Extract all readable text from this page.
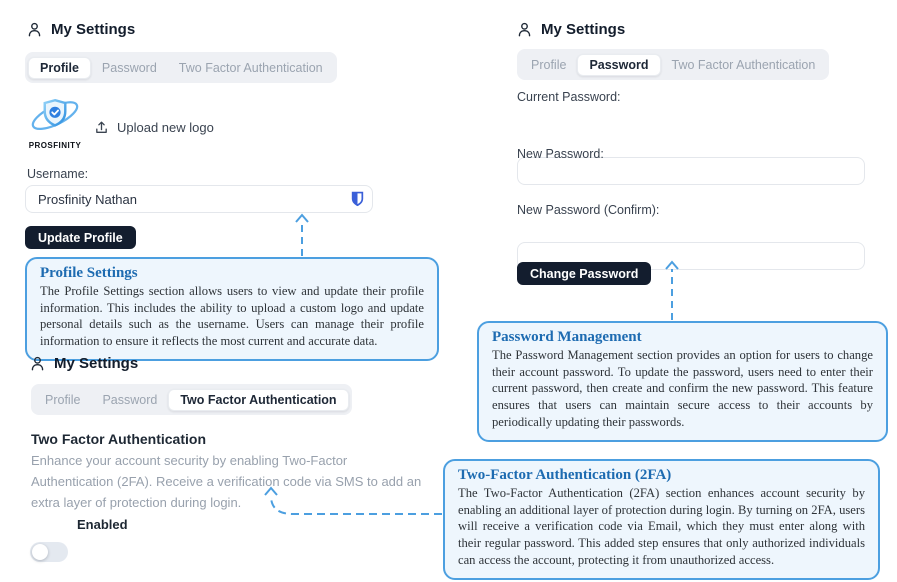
My Settings
Profile	Password	Two Factor Authentication
PROSFINITY
Upload new logo
Username:
Prosfinity Nathan
Update Profile
Profile Settings
The Profile Settings section allows users to view and update their profile information. This includes the ability to upload a custom logo and update personal details such as the username. Users can manage their profile information to ensure it reflects the most current and accurate data.
My Settings
Profile	Password	Two Factor Authentication
Two Factor Authentication
Enhance your account security by enabling Two-Factor Authentication (2FA). Receive a verification code via SMS to add an extra layer of protection during login.
Enabled
My Settings
Profile	Password	Two Factor Authentication
Current Password:
New Password:
New Password (Confirm):
Change Password
Password Management
The Password Management section provides an option for users to change their account password. To update the password, users need to enter their current password, then create and confirm the new password. This feature ensures that users can maintain secure access to their accounts by periodically updating their passwords.
Two-Factor Authentication (2FA)
The Two-Factor Authentication (2FA) section enhances account security by enabling an additional layer of protection during login. By turning on 2FA, users will receive a verification code via Email, which they must enter along with their regular password. This added step ensures that only authorized individuals can access the account, protecting it from unauthorized access.
